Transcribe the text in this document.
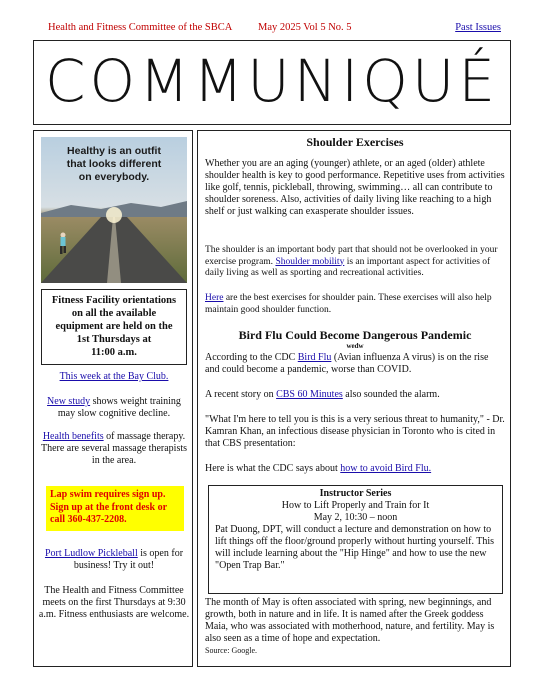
Health and Fitness Committee of the SBCA May 2025 Vol 5 No. 5	Past Issues
COMMUNIQUÉ
Healthy is an outfit
that looks different
on everybody.
Fitness Facility orientations
on all the available
equipment are held on the
1st Thursdays at
11:00 a.m.
This week at the Bay Club.
New study shows weight training may slow cognitive decline.
Health benefits of massage therapy. There are several massage therapists in the area.
Lap swim requires sign up. Sign up at the front desk or call 360-437-2208.
Port Ludlow Pickleball is open for business! Try it out!
The Health and Fitness Committee meets on the first Thursdays at 9:30 a.m. Fitness enthusiasts are welcome.
Shoulder Exercises
Whether you are an aging (younger) athlete, or an aged (older) athlete shoulder health is key to good performance. Repetitive uses from activities like golf, tennis, pickleball, throwing, swimming… all can contribute to shoulder soreness. Also, activities of daily living like reaching to a high shelf or just walking can exasperate shoulder issues.
The shoulder is an important body part that should not be overlooked in your exercise program. Shoulder mobility is an important aspect for activities of daily living as well as sporting and recreational activities.
Here are the best exercises for shoulder pain. These exercises will also help maintain good shoulder function.
Bird Flu Could Become Dangerous Pandemic
wedw
According to the CDC Bird Flu (Avian influenza A virus) is on the rise and could become a pandemic, worse than COVID.
A recent story on CBS 60 Minutes also sounded the alarm.
"What I'm here to tell you is this is a very serious threat to humanity," - Dr. Kamran Khan, an infectious disease physician in Toronto who is cited in that CBS presentation:
Here is what the CDC says about how to avoid Bird Flu.
Instructor Series
How to Lift Properly and Train for It
May 2, 10:30 – noon
Pat Duong, DPT, will conduct a lecture and demonstration on how to lift things off the floor/ground properly without hurting yourself. This will include learning about the "Hip Hinge" and how to use the new "Open Trap Bar."
The month of May is often associated with spring, new beginnings, and growth, both in nature and in life. It is named after the Greek goddess Maia, who was associated with motherhood, nature, and fertility. May is also seen as a time of hope and expectation.
Source: Google.
